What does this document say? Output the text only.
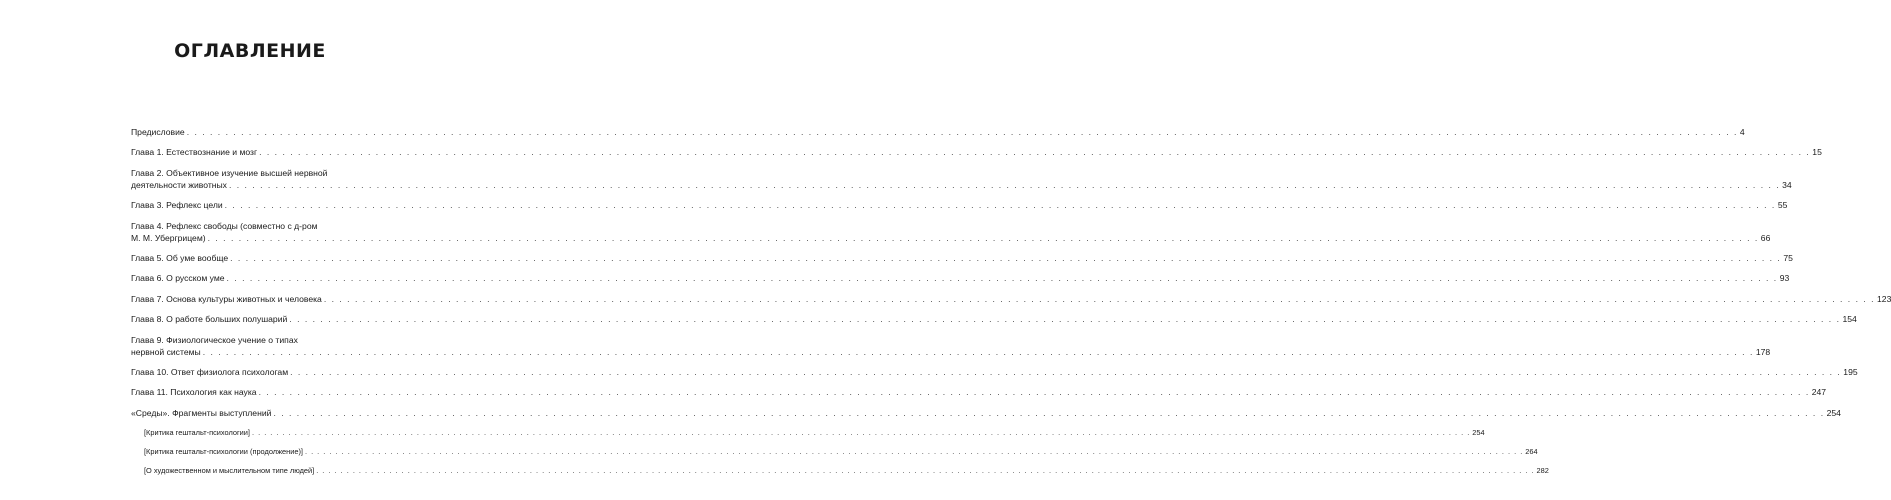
ОГЛАВЛЕНИЕ
Предисловие . . . . . . . . . . . . . . . . . . . . . . . . . . . . . . . . . . . . . . . . . . . . . . . . . . . . . . . . . . . . . . . . . . . . . . . . . . . . . . . . . . . . . . . . . . . . . . . . . . . . . . . . . . . . . . . . . . . . . . . . . . . . . . . . . . . . . . . . . . . . . . . . . . . . . . . . . . . . . . . . . . . . . . . . . . . . . . . . . . . . . . . . . . . . . . . . . . . . . . . . 4
Глава 1. Естествознание и мозг . . . . . . . . . . . . . . . . . . . . . . . . . . . . . . . . . . . . . . . . . . . . . . . . . . . . . . . . . . . . . . . . . . . . . . . . . . . . . . . . . . . . . . . . . . . . . . . . . . . . . . . . . . . . . . . . . . . . . . . . . . . . . . . . . . . . . . . . . . . . . . . . . . . . . . . . . . . . . . . . . . . . . . . . . . . . . . . . . . . . . . . . . . . . . . . . . . . . . . . . 15
Глава 2. Объективное изучение высшей нервной
деятельности животных . . . . . . . . . . . . . . . . . . . . . . . . . . . . . . . . . . . . . . . . . . . . . . . . . . . . . . . . . . . . . . . . . . . . . . . . . . . . . . . . . . . . . . . . . . . . . . . . . . . . . . . . . . . . . . . . . . . . . . . . . . . . . . . . . . . . . . . . . . . . . . . . . . . . . . . . . . . . . . . . . . . . . . . . . . . . . . . . . . . . . . . . . . . . . . . . . . . . . . . . 34
Глава 3. Рефлекс цели . . . . . . . . . . . . . . . . . . . . . . . . . . . . . . . . . . . . . . . . . . . . . . . . . . . . . . . . . . . . . . . . . . . . . . . . . . . . . . . . . . . . . . . . . . . . . . . . . . . . . . . . . . . . . . . . . . . . . . . . . . . . . . . . . . . . . . . . . . . . . . . . . . . . . . . . . . . . . . . . . . . . . . . . . . . . . . . . . . . . . . . . . . . . . . . . . . . . . . . . 55
Глава 4. Рефлекс свободы (совместно с д-ром
М. М. Убергрицем) . . . . . . . . . . . . . . . . . . . . . . . . . . . . . . . . . . . . . . . . . . . . . . . . . . . . . . . . . . . . . . . . . . . . . . . . . . . . . . . . . . . . . . . . . . . . . . . . . . . . . . . . . . . . . . . . . . . . . . . . . . . . . . . . . . . . . . . . . . . . . . . . . . . . . . . . . . . . . . . . . . . . . . . . . . . . . . . . . . . . . . . . . . . . . . . . . . . . . . . . 66
Глава 5. Об уме вообще . . . . . . . . . . . . . . . . . . . . . . . . . . . . . . . . . . . . . . . . . . . . . . . . . . . . . . . . . . . . . . . . . . . . . . . . . . . . . . . . . . . . . . . . . . . . . . . . . . . . . . . . . . . . . . . . . . . . . . . . . . . . . . . . . . . . . . . . . . . . . . . . . . . . . . . . . . . . . . . . . . . . . . . . . . . . . . . . . . . . . . . . . . . . . . . . . . . . . . . . 75
Глава 6. О русском уме . . . . . . . . . . . . . . . . . . . . . . . . . . . . . . . . . . . . . . . . . . . . . . . . . . . . . . . . . . . . . . . . . . . . . . . . . . . . . . . . . . . . . . . . . . . . . . . . . . . . . . . . . . . . . . . . . . . . . . . . . . . . . . . . . . . . . . . . . . . . . . . . . . . . . . . . . . . . . . . . . . . . . . . . . . . . . . . . . . . . . . . . . . . . . . . . . . . . . . . . 93
Глава 7. Основа культуры животных и человека . . . . . . . . . . . . . . . . . . . . . . . . . . . . . . . . . . . . . . . . . . . . . . . . . . . . . . . . . . . . . . . . . . . . . . . . . . . . . . . . . . . . . . . . . . . . . . . . . . . . . . . . . . . . . . . . . . . . . . . . . . . . . . . . . . . . . . . . . . . . . . . . . . . . . . . . . . . . . . . . . . . . . . . . . . . . . . . . . . . . . . . . . . . . . . . . . . . . . . . . 123
Глава 8. О работе больших полушарий . . . . . . . . . . . . . . . . . . . . . . . . . . . . . . . . . . . . . . . . . . . . . . . . . . . . . . . . . . . . . . . . . . . . . . . . . . . . . . . . . . . . . . . . . . . . . . . . . . . . . . . . . . . . . . . . . . . . . . . . . . . . . . . . . . . . . . . . . . . . . . . . . . . . . . . . . . . . . . . . . . . . . . . . . . . . . . . . . . . . . . . . . . . . . . . . . . . . . . . . 154
Глава 9. Физиологическое учение о типах
нервной системы . . . . . . . . . . . . . . . . . . . . . . . . . . . . . . . . . . . . . . . . . . . . . . . . . . . . . . . . . . . . . . . . . . . . . . . . . . . . . . . . . . . . . . . . . . . . . . . . . . . . . . . . . . . . . . . . . . . . . . . . . . . . . . . . . . . . . . . . . . . . . . . . . . . . . . . . . . . . . . . . . . . . . . . . . . . . . . . . . . . . . . . . . . . . . . . . . . . . . . . . 178
Глава 10. Ответ физиолога психологам . . . . . . . . . . . . . . . . . . . . . . . . . . . . . . . . . . . . . . . . . . . . . . . . . . . . . . . . . . . . . . . . . . . . . . . . . . . . . . . . . . . . . . . . . . . . . . . . . . . . . . . . . . . . . . . . . . . . . . . . . . . . . . . . . . . . . . . . . . . . . . . . . . . . . . . . . . . . . . . . . . . . . . . . . . . . . . . . . . . . . . . . . . . . . . . . . . . . . . . . 195
Глава 11. Психология как наука . . . . . . . . . . . . . . . . . . . . . . . . . . . . . . . . . . . . . . . . . . . . . . . . . . . . . . . . . . . . . . . . . . . . . . . . . . . . . . . . . . . . . . . . . . . . . . . . . . . . . . . . . . . . . . . . . . . . . . . . . . . . . . . . . . . . . . . . . . . . . . . . . . . . . . . . . . . . . . . . . . . . . . . . . . . . . . . . . . . . . . . . . . . . . . . . . . . . . . . . 247
«Среды». Фрагменты выступлений . . . . . . . . . . . . . . . . . . . . . . . . . . . . . . . . . . . . . . . . . . . . . . . . . . . . . . . . . . . . . . . . . . . . . . . . . . . . . . . . . . . . . . . . . . . . . . . . . . . . . . . . . . . . . . . . . . . . . . . . . . . . . . . . . . . . . . . . . . . . . . . . . . . . . . . . . . . . . . . . . . . . . . . . . . . . . . . . . . . . . . . . . . . . . . . . . . . . . . . . 254
[Критика гештальт-психологии] . . . . . . . . . . . . . . . . . . . . . . . . . . . . . . . . . . . . . . . . . . . . . . . . . . . . . . . . . . . . . . . . . . . . . . . . . . . . . . . . . . . . . . . . . . . . . . . . . . . . . . . . . . . . . . . . . . . . . . . . . . . . . . . . . . . . . . . . . . . . . . . . . . . . . . . . . . . . . . . . . . . . . . . . . . . . . . . . . . . . . . . . . . . . . . . . . . . . . . . . 254
[Критика гештальт-психологии (продолжение)] . . . . . . . . . . . . . . . . . . . . . . . . . . . . . . . . . . . . . . . . . . . . . . . . . . . . . . . . . . . . . . . . . . . . . . . . . . . . . . . . . . . . . . . . . . . . . . . . . . . . . . . . . . . . . . . . . . . . . . . . . . . . . . . . . . . . . . . . . . . . . . . . . . . . . . . . . . . . . . . . . . . . . . . . . . . . . . . . . . . . . . . . . . . . . . . . . . . . . . . . 264
[О художественном и мыслительном типе людей] . . . . . . . . . . . . . . . . . . . . . . . . . . . . . . . . . . . . . . . . . . . . . . . . . . . . . . . . . . . . . . . . . . . . . . . . . . . . . . . . . . . . . . . . . . . . . . . . . . . . . . . . . . . . . . . . . . . . . . . . . . . . . . . . . . . . . . . . . . . . . . . . . . . . . . . . . . . . . . . . . . . . . . . . . . . . . . . . . . . . . . . . . . . . . . . . . . . . . . . . 282
